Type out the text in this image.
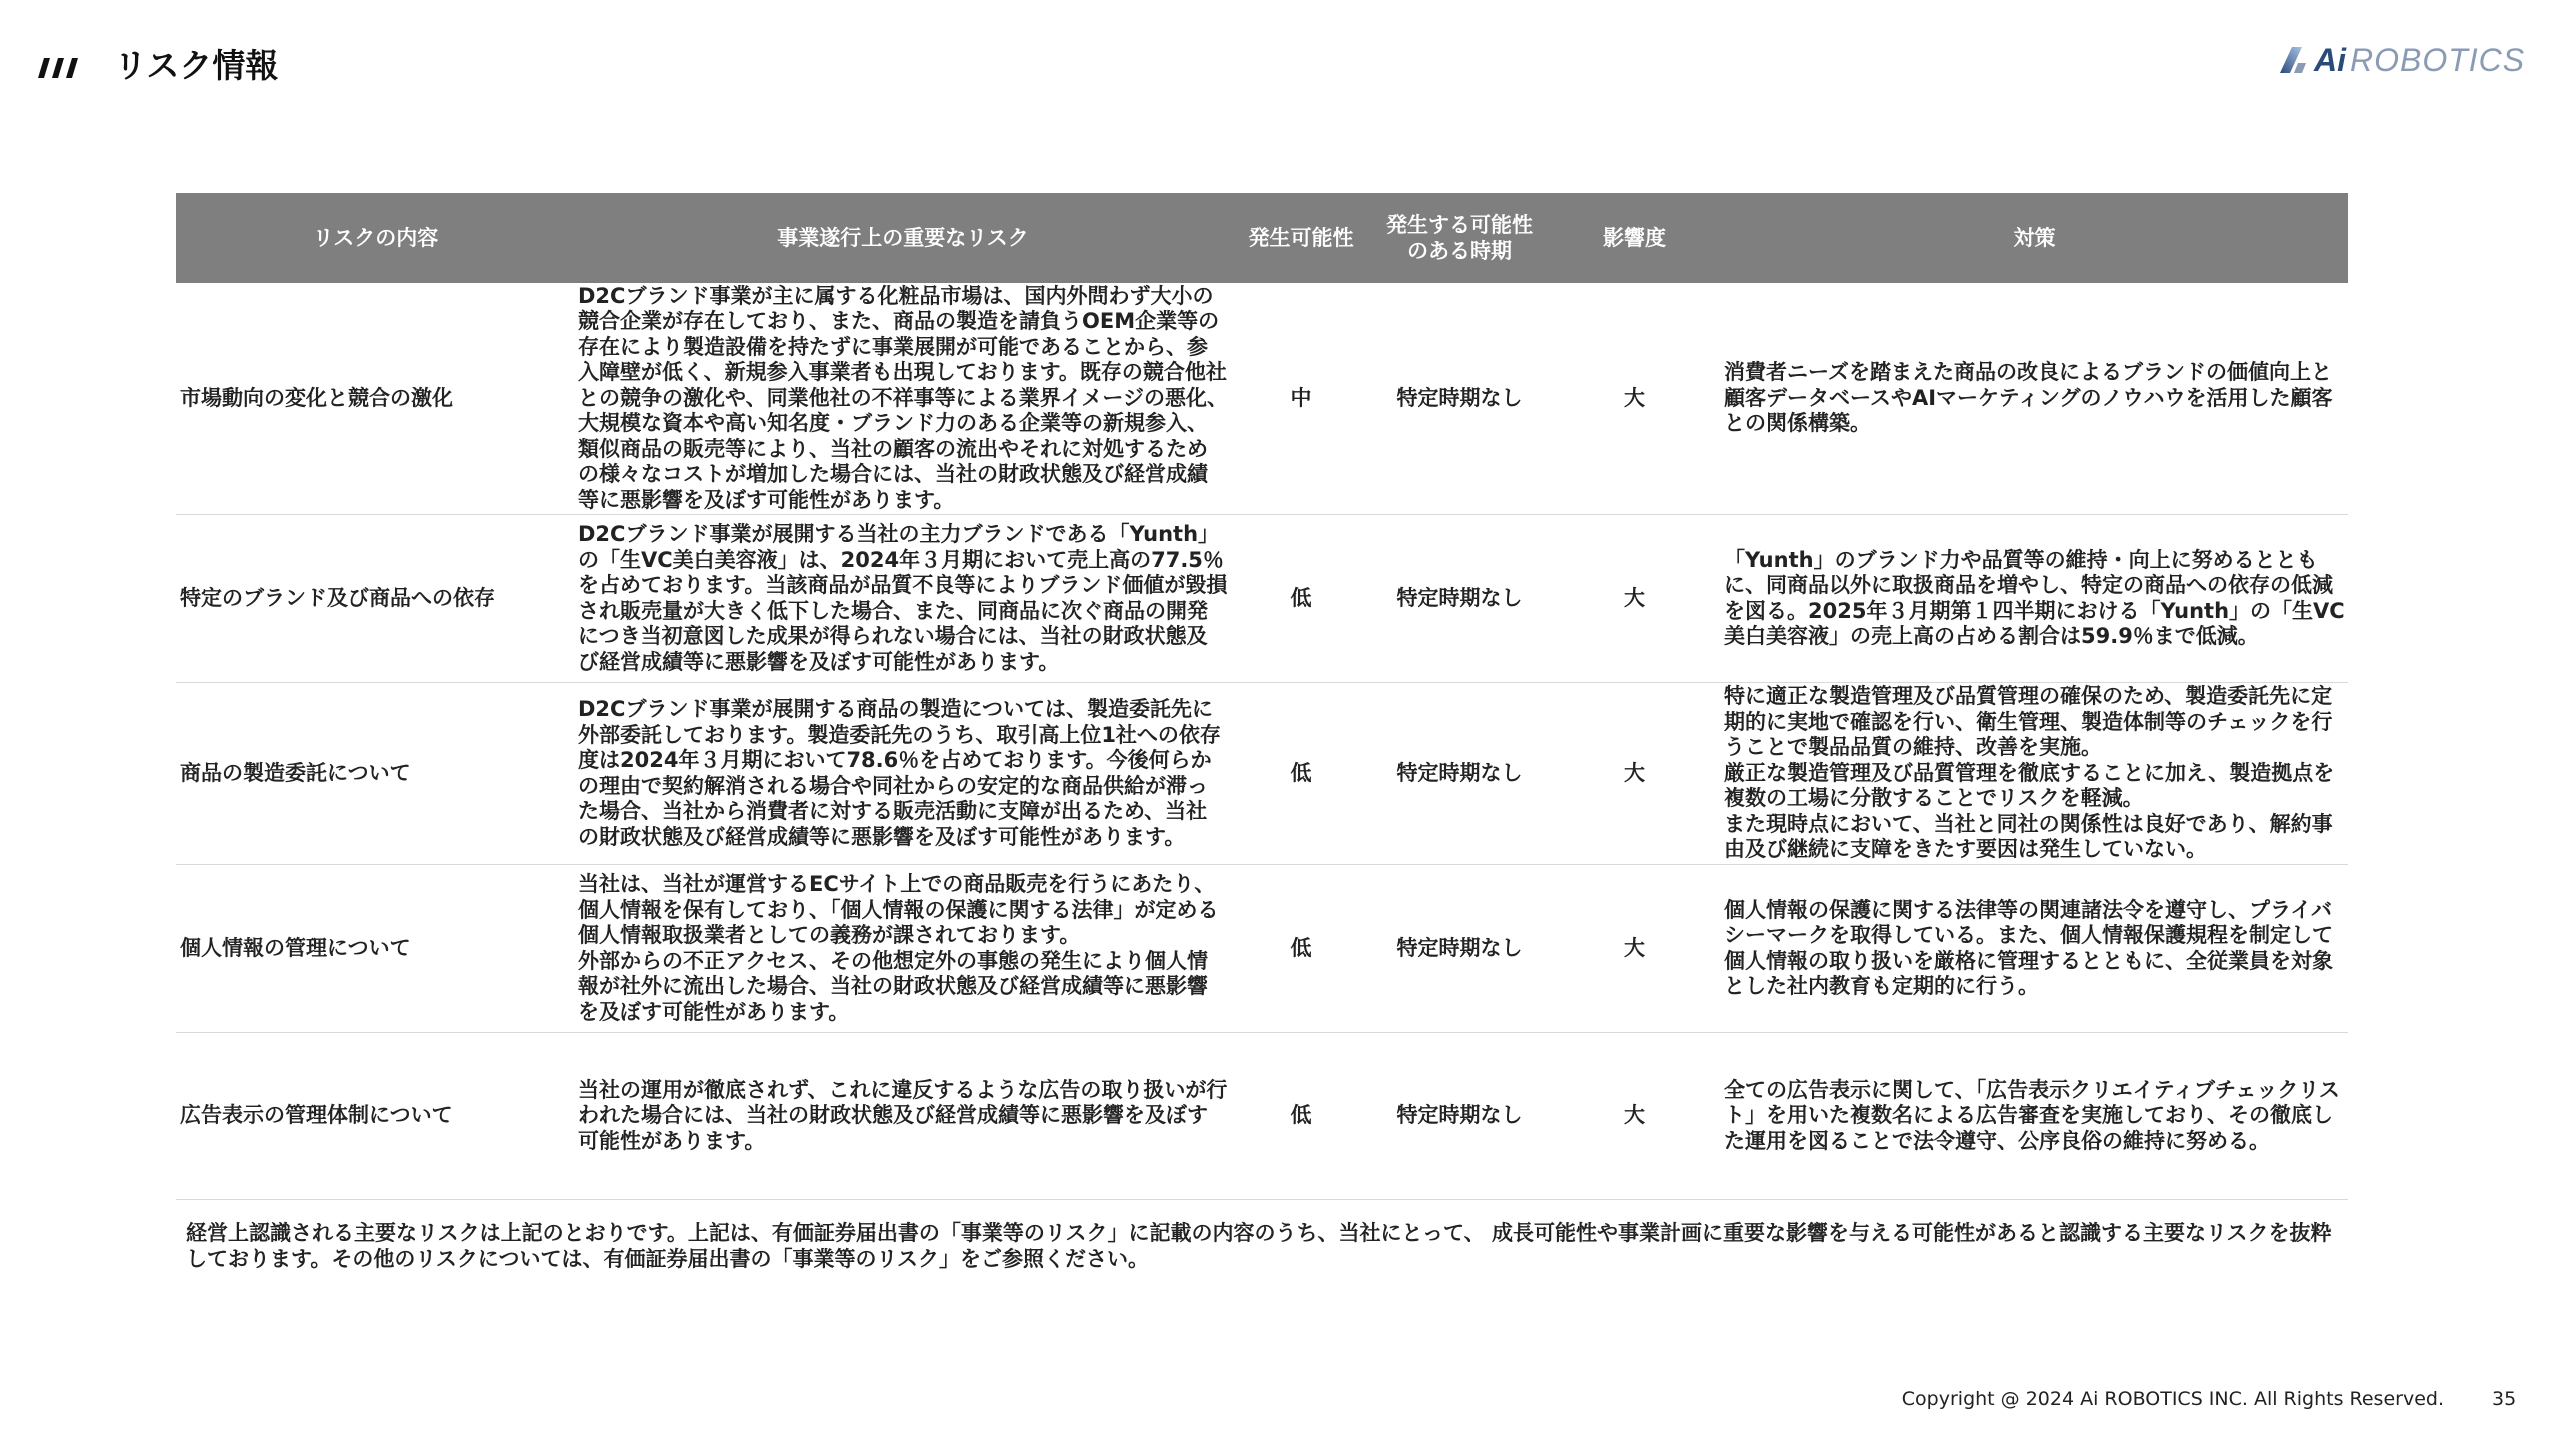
リスク情報	Ai ROBOTICS
リスクの内容	事業遂行上の重要なリスク	発生可能性	発生する可能性
のある時期	影響度	対策
市場動向の変化と競合の激化	D2Cブランド事業が主に属する化粧品市場は、国内外問わず大小の競合企業が存在しており、また、商品の製造を請負うOEM企業等の存在により製造設備を持たずに事業展開が可能であることから、参入障壁が低く、新規参入事業者も出現しております。既存の競合他社との競争の激化や、同業他社の不祥事等による業界イメージの悪化、大規模な資本や高い知名度・ブランド力のある企業等の新規参入、類似商品の販売等により、当社の顧客の流出やそれに対処するための様々なコストが増加した場合には、当社の財政状態及び経営成績等に悪影響を及ぼす可能性があります。	中	特定時期なし	大	消費者ニーズを踏まえた商品の改良によるブランドの価値向上と顧客データベースやAIマーケティングのノウハウを活用した顧客との関係構築。
特定のブランド及び商品への依存	D2Cブランド事業が展開する当社の主力ブランドである「Yunth」の「生VC美白美容液」は、2024年３月期において売上高の77.5％を占めております。当該商品が品質不良等によりブランド価値が毀損され販売量が大きく低下した場合、また、同商品に次ぐ商品の開発につき当初意図した成果が得られない場合には、当社の財政状態及び経営成績等に悪影響を及ぼす可能性があります。	低	特定時期なし	大	「Yunth」のブランド力や品質等の維持・向上に努めるとともに、同商品以外に取扱商品を増やし、特定の商品への依存の低減を図る。2025年３月期第１四半期における「Yunth」の「生VC美白美容液」の売上高の占める割合は59.9％まで低減。
商品の製造委託について	D2Cブランド事業が展開する商品の製造については、製造委託先に外部委託しております。製造委託先のうち、取引高上位1社への依存度は2024年３月期において78.6％を占めております。今後何らかの理由で契約解消される場合や同社からの安定的な商品供給が滞った場合、当社から消費者に対する販売活動に支障が出るため、当社の財政状態及び経営成績等に悪影響を及ぼす可能性があります。	低	特定時期なし	大	特に適正な製造管理及び品質管理の確保のため、製造委託先に定期的に実地で確認を行い、衛生管理、製造体制等のチェックを行うことで製品品質の維持、改善を実施。
厳正な製造管理及び品質管理を徹底することに加え、製造拠点を複数の工場に分散することでリスクを軽減。
また現時点において、当社と同社の関係性は良好であり、解約事由及び継続に支障をきたす要因は発生していない。
個人情報の管理について	当社は、当社が運営するECサイト上での商品販売を行うにあたり、個人情報を保有しており、「個人情報の保護に関する法律」が定める個人情報取扱業者としての義務が課されております。
外部からの不正アクセス、その他想定外の事態の発生により個人情報が社外に流出した場合、当社の財政状態及び経営成績等に悪影響を及ぼす可能性があります。	低	特定時期なし	大	個人情報の保護に関する法律等の関連諸法令を遵守し、プライバシーマークを取得している。また、個人情報保護規程を制定して個人情報の取り扱いを厳格に管理するとともに、全従業員を対象とした社内教育も定期的に行う。
広告表示の管理体制について	当社の運用が徹底されず、これに違反するような広告の取り扱いが行われた場合には、当社の財政状態及び経営成績等に悪影響を及ぼす可能性があります。	低	特定時期なし	大	全ての広告表示に関して、「広告表示クリエイティブチェックリスト」を用いた複数名による広告審査を実施しており、その徹底した運用を図ることで法令遵守、公序良俗の維持に努める。

経営上認識される主要なリスクは上記のとおりです。上記は、有価証券届出書の「事業等のリスク」に記載の内容のうち、当社にとって、 成長可能性や事業計画に重要な影響を与える可能性があると認識する主要なリスクを抜粋しております。その他のリスクについては、有価証券届出書の「事業等のリスク」をご参照ください。

Copyright @ 2024 Ai ROBOTICS INC. All Rights Reserved.	35
